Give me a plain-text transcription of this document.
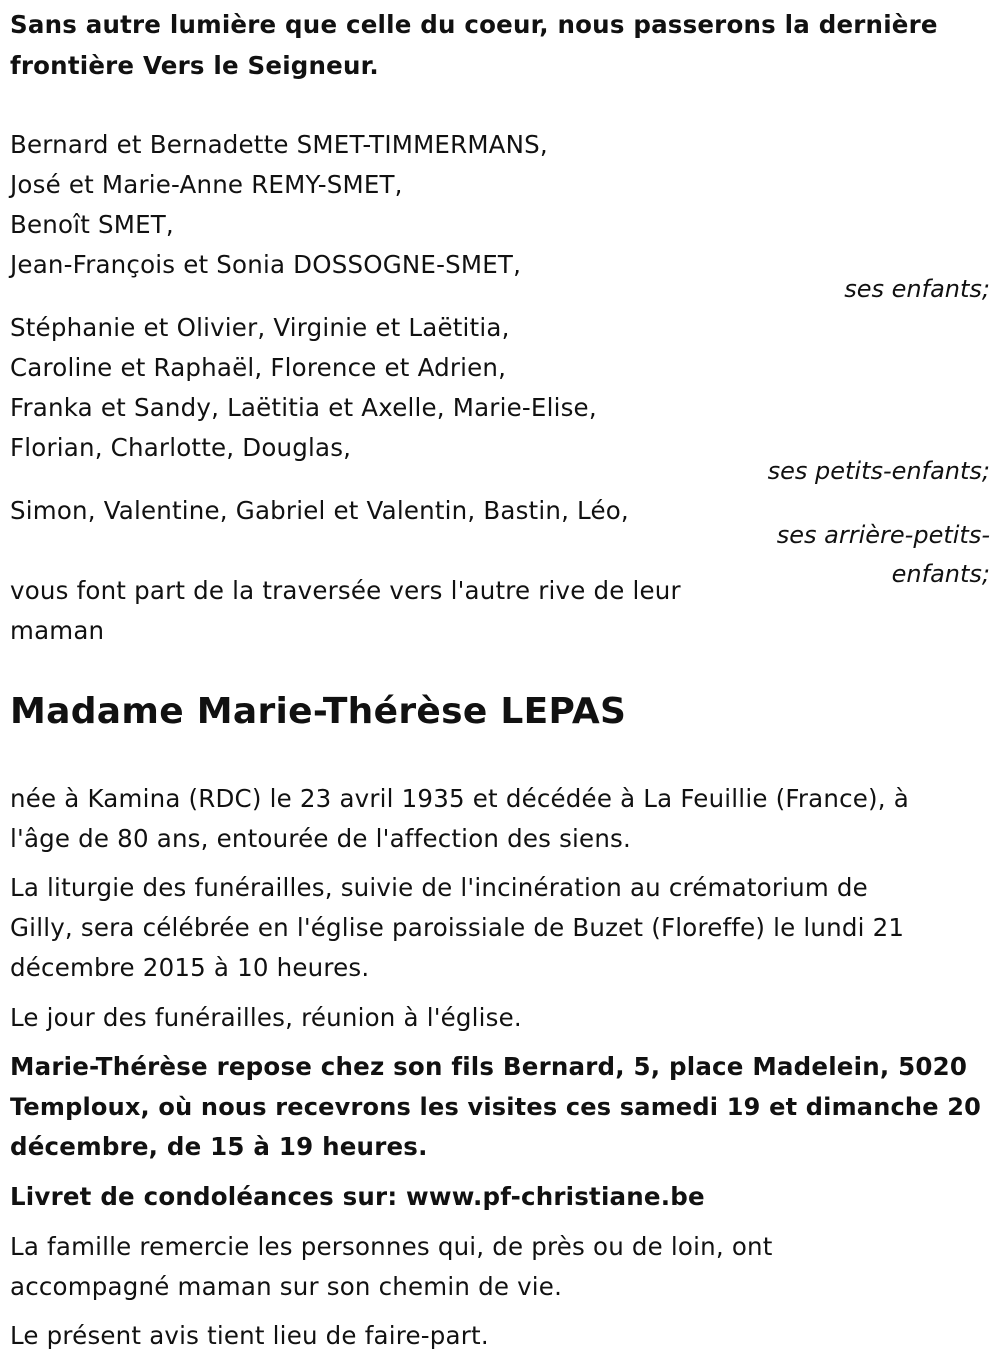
Sans autre lumière que celle du coeur, nous passerons la dernière
frontière Vers le Seigneur.
Bernard et Bernadette SMET-TIMMERMANS,
José et Marie-Anne REMY-SMET,
Benoît SMET,
Jean-François et Sonia DOSSOGNE-SMET,
ses enfants;
Stéphanie et Olivier, Virginie et Laëtitia,
Caroline et Raphaël, Florence et Adrien,
Franka et Sandy, Laëtitia et Axelle, Marie-Elise,
Florian, Charlotte, Douglas,
ses petits-enfants;
Simon, Valentine, Gabriel et Valentin, Bastin, Léo,
ses arrière-petits-
enfants;
vous font part de la traversée vers l'autre rive de leur
maman
Madame Marie-Thérèse LEPAS
née à Kamina (RDC) le 23 avril 1935 et décédée à La Feuillie (France), à
l'âge de 80 ans, entourée de l'affection des siens.
La liturgie des funérailles, suivie de l'incinération au crématorium de
Gilly, sera célébrée en l'église paroissiale de Buzet (Floreffe) le lundi 21
décembre 2015 à 10 heures.
Le jour des funérailles, réunion à l'église.
Marie-Thérèse repose chez son fils Bernard, 5, place Madelein, 5020
Temploux, où nous recevrons les visites ces samedi 19 et dimanche 20
décembre, de 15 à 19 heures.
Livret de condoléances sur: www.pf-christiane.be
La famille remercie les personnes qui, de près ou de loin, ont
accompagné maman sur son chemin de vie.
Le présent avis tient lieu de faire-part.
